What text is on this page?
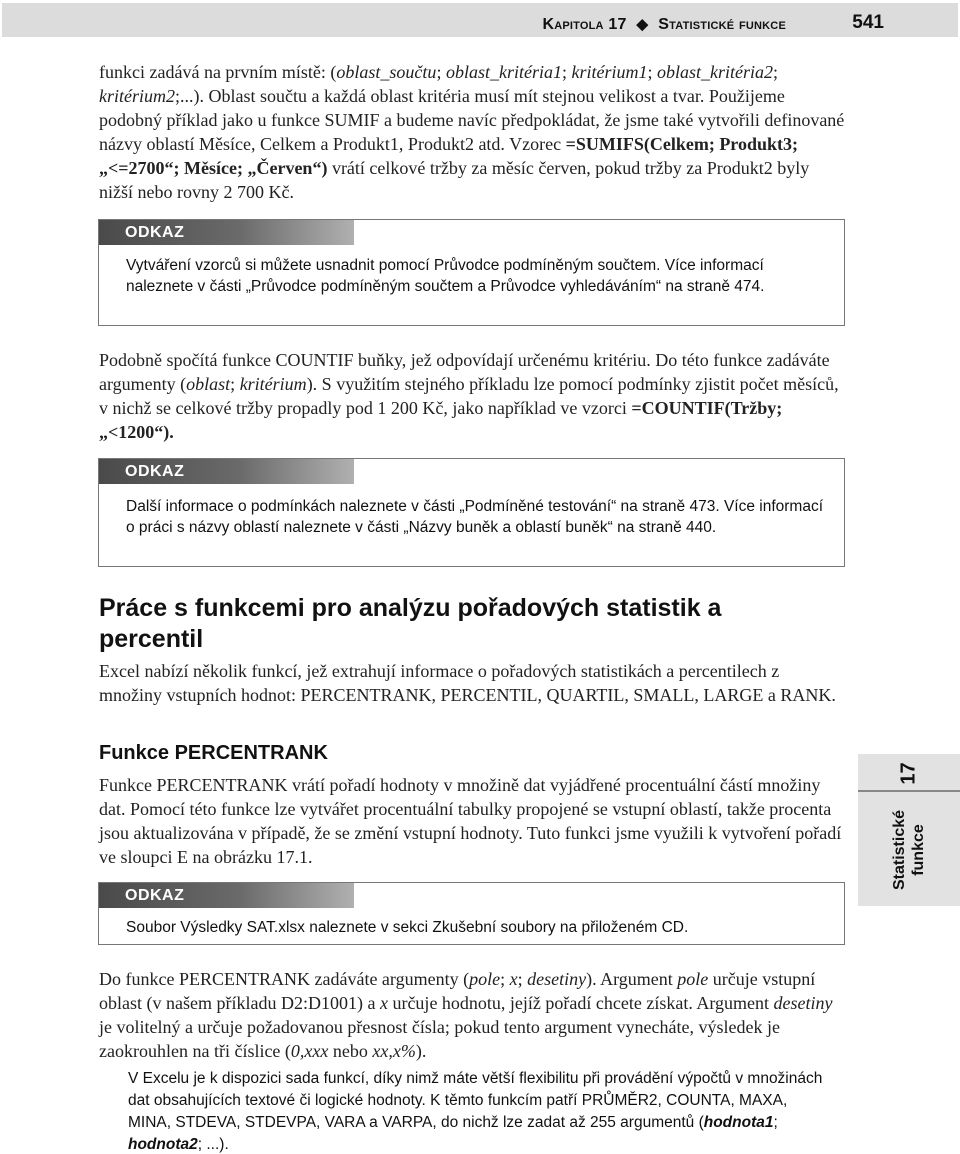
Kapitola 17 ◆ Statistické funkce	541

funkci zadává na prvním místě: (oblast_součtu; oblast_kritéria1; kritérium1; oblast_kritéria2; kritérium2;...). Oblast součtu a každá oblast kritéria musí mít stejnou velikost a tvar. Použijeme podobný příklad jako u funkce SUMIF a budeme navíc předpokládat, že jsme také vytvořili definované názvy oblastí Měsíce, Celkem a Produkt1, Produkt2 atd. Vzorec =SUMIFS(Celkem; Produkt3; „<=2700“; Měsíce; „Červen“) vrátí celkové tržby za měsíc červen, pokud tržby za Produkt2 byly nižší nebo rovny 2 700 Kč.

ODKAZ

Vytváření vzorců si můžete usnadnit pomocí Průvodce podmíněným součtem. Více informací naleznete v části „Průvodce podmíněným součtem a Průvodce vyhledáváním“ na straně 474.

Podobně spočítá funkce COUNTIF buňky, jež odpovídají určenému kritériu. Do této funkce zadáváte argumenty (oblast; kritérium). S využitím stejného příkladu lze pomocí podmínky zjistit počet měsíců, v nichž se celkové tržby propadly pod 1 200 Kč, jako například ve vzorci =COUNTIF(Tržby; „<1200“).

ODKAZ

Další informace o podmínkách naleznete v části „Podmíněné testování“ na straně 473. Více informací o práci s názvy oblastí naleznete v části „Názvy buněk a oblastí buněk“ na straně 440.

Práce s funkcemi pro analýzu pořadových statistik a percentil

Excel nabízí několik funkcí, jež extrahují informace o pořadových statistikách a percentilech z množiny vstupních hodnot: PERCENTRANK, PERCENTIL, QUARTIL, SMALL, LARGE a RANK.

Funkce PERCENTRANK

Funkce PERCENTRANK vrátí pořadí hodnoty v množině dat vyjádřené procentuální částí množiny dat. Pomocí této funkce lze vytvářet procentuální tabulky propojené se vstupní oblastí, takže procenta jsou aktualizována v případě, že se změní vstupní hodnoty. Tuto funkci jsme využili k vytvoření pořadí ve sloupci E na obrázku 17.1.

ODKAZ

Soubor Výsledky SAT.xlsx naleznete v sekci Zkušební soubory na přiloženém CD.

Do funkce PERCENTRANK zadáváte argumenty (pole; x; desetiny). Argument pole určuje vstupní oblast (v našem příkladu D2:D1001) a x určuje hodnotu, jejíž pořadí chcete získat. Argument desetiny je volitelný a určuje požadovanou přesnost čísla; pokud tento argument vynecháte, výsledek je zaokrouhlen na tři číslice (0,xxx nebo xx,x%).

V Excelu je k dispozici sada funkcí, díky nimž máte větší flexibilitu při provádění výpočtů v množinách dat obsahujících textové či logické hodnoty. K těmto funkcím patří PRŮMĚR2, COUNTA, MAXA, MINA, STDEVA, STDEVPA, VARA a VARPA, do nichž lze zadat až 255 argumentů (hodnota1; hodnota2; ...).

17
Statistické funkce
